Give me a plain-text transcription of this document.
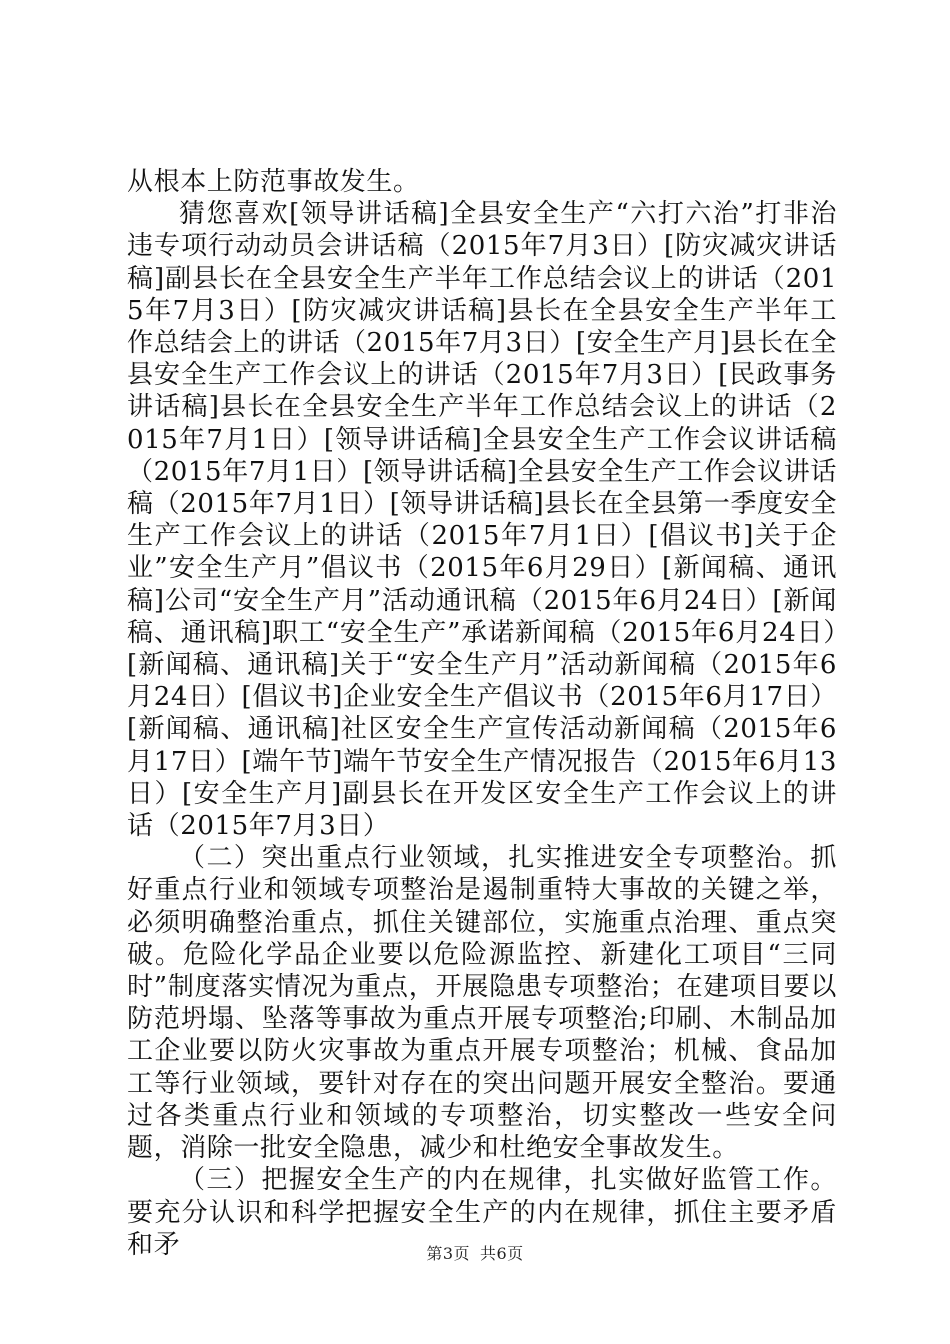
从根本上防范事故发生。

猜您喜欢[领导讲话稿]全县安全生产“六打六治”打非治违专项行动动员会讲话稿（2015年7月3日）[防灾减灾讲话稿]副县长在全县安全生产半年工作总结会议上的讲话（2015年7月3日）[防灾减灾讲话稿]县长在全县安全生产半年工作总结会上的讲话（2015年7月3日）[安全生产月]县长在全县安全生产工作会议上的讲话（2015年7月3日）[民政事务讲话稿]县长在全县安全生产半年工作总结会议上的讲话（2015年7月1日）[领导讲话稿]全县安全生产工作会议讲话稿（2015年7月1日）[领导讲话稿]全县安全生产工作会议讲话稿（2015年7月1日）[领导讲话稿]县长在全县第一季度安全生产工作会议上的讲话（2015年7月1日）[倡议书]关于企业”安全生产月”倡议书（2015年6月29日）[新闻稿、通讯稿]公司“安全生产月”活动通讯稿（2015年6月24日）[新闻稿、通讯稿]职工“安全生产”承诺新闻稿（2015年6月24日）[新闻稿、通讯稿]关于“安全生产月”活动新闻稿（2015年6月24日）[倡议书]企业安全生产倡议书（2015年6月17日）[新闻稿、通讯稿]社区安全生产宣传活动新闻稿（2015年6月17日）[端午节]端午节安全生产情况报告（2015年6月13日）[安全生产月]副县长在开发区安全生产工作会议上的讲话（2015年7月3日）

（二）突出重点行业领域，扎实推进安全专项整治。抓好重点行业和领域专项整治是遏制重特大事故的关键之举，必须明确整治重点，抓住关键部位，实施重点治理、重点突破。危险化学品企业要以危险源监控、新建化工项目“三同时”制度落实情况为重点，开展隐患专项整治；在建项目要以防范坍塌、坠落等事故为重点开展专项整治;印刷、木制品加工企业要以防火灾事故为重点开展专项整治；机械、食品加工等行业领域，要针对存在的突出问题开展安全整治。要通过各类重点行业和领域的专项整治，切实整改一些安全问题，消除一批安全隐患，减少和杜绝安全事故发生。

（三）把握安全生产的内在规律，扎实做好监管工作。要充分认识和科学把握安全生产的内在规律，抓住主要矛盾和矛	第3页 共6页
